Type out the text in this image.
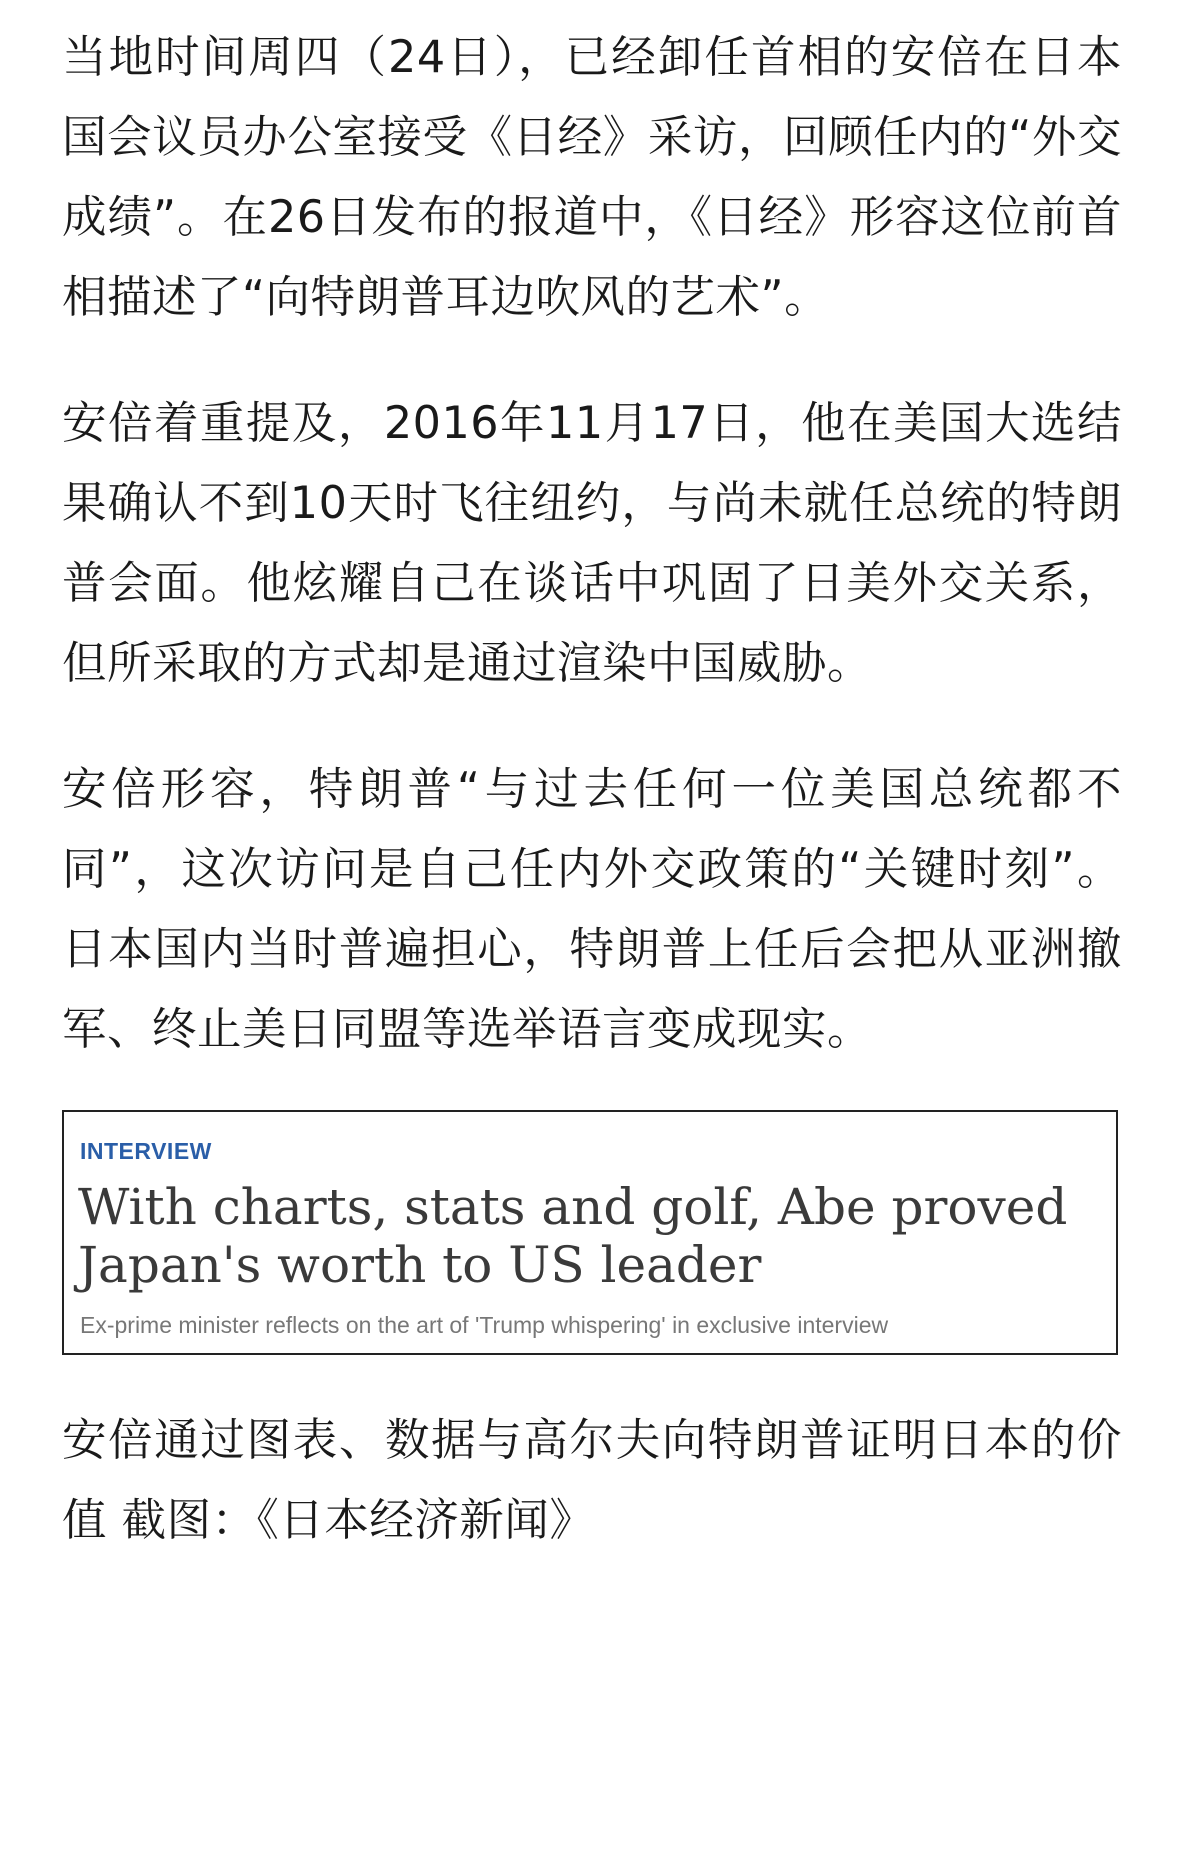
当地时间周四（24日），已经卸任首相的安倍在日本国会议员办公室接受《日经》采访，回顾任内的“外交成绩”。在26日发布的报道中，《日经》形容这位前首相描述了“向特朗普耳边吹风的艺术”。

安倍着重提及，2016年11月17日，他在美国大选结果确认不到10天时飞往纽约，与尚未就任总统的特朗普会面。他炫耀自己在谈话中巩固了日美外交关系，但所采取的方式却是通过渲染中国威胁。

安倍形容，特朗普“与过去任何一位美国总统都不同”，这次访问是自己任内外交政策的“关键时刻”。日本国内当时普遍担心，特朗普上任后会把从亚洲撤军、终止美日同盟等选举语言变成现实。

INTERVIEW
With charts, stats and golf, Abe proved
Japan's worth to US leader
Ex-prime minister reflects on the art of 'Trump whispering' in exclusive interview

安倍通过图表、数据与高尔夫向特朗普证明日本的价值 截图：《日本经济新闻》
